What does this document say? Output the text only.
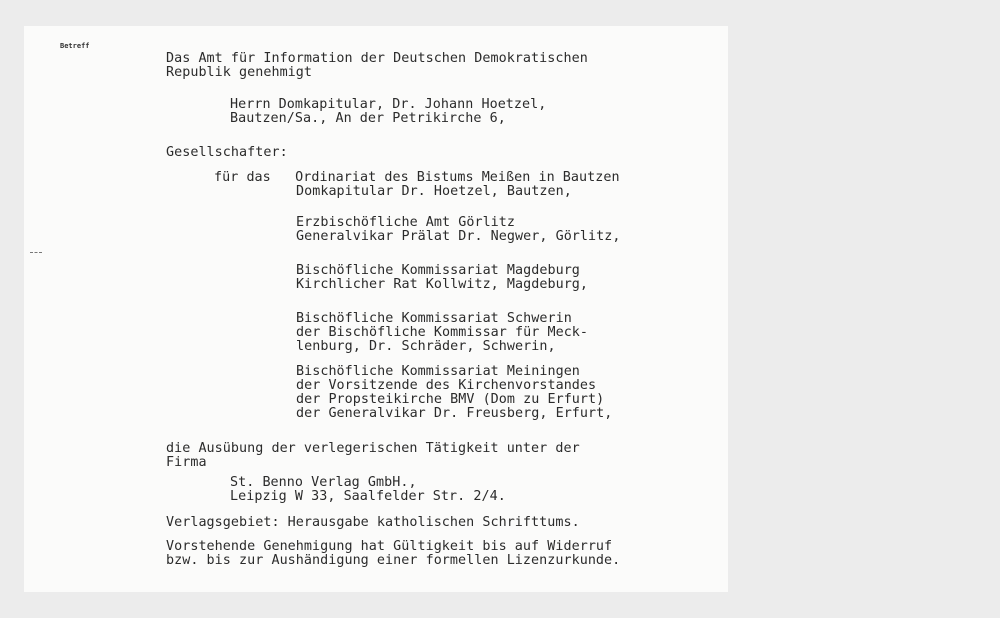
Betreff
Das Amt für Information der Deutschen Demokratischen
Republik genehmigt
Herrn Domkapitular, Dr. Johann Hoetzel,
Bautzen/Sa., An der Petrikirche 6,
Gesellschafter:
für das   Ordinariat des Bistums Meißen in Bautzen
Domkapitular Dr. Hoetzel, Bautzen,
Erzbischöfliche Amt Görlitz
Generalvikar Prälat Dr. Negwer, Görlitz,
Bischöfliche Kommissariat Magdeburg
Kirchlicher Rat Kollwitz, Magdeburg,
Bischöfliche Kommissariat Schwerin
der Bischöfliche Kommissar für Meck-
lenburg, Dr. Schräder, Schwerin,
Bischöfliche Kommissariat Meiningen
der Vorsitzende des Kirchenvorstandes
der Propsteikirche BMV (Dom zu Erfurt)
der Generalvikar Dr. Freusberg, Erfurt,
die Ausübung der verlegerischen Tätigkeit unter der
Firma
St. Benno Verlag GmbH.,
Leipzig W 33, Saalfelder Str. 2/4.
Verlagsgebiet: Herausgabe katholischen Schrifttums.
Vorstehende Genehmigung hat Gültigkeit bis auf Widerruf
bzw. bis zur Aushändigung einer formellen Lizenzurkunde.
